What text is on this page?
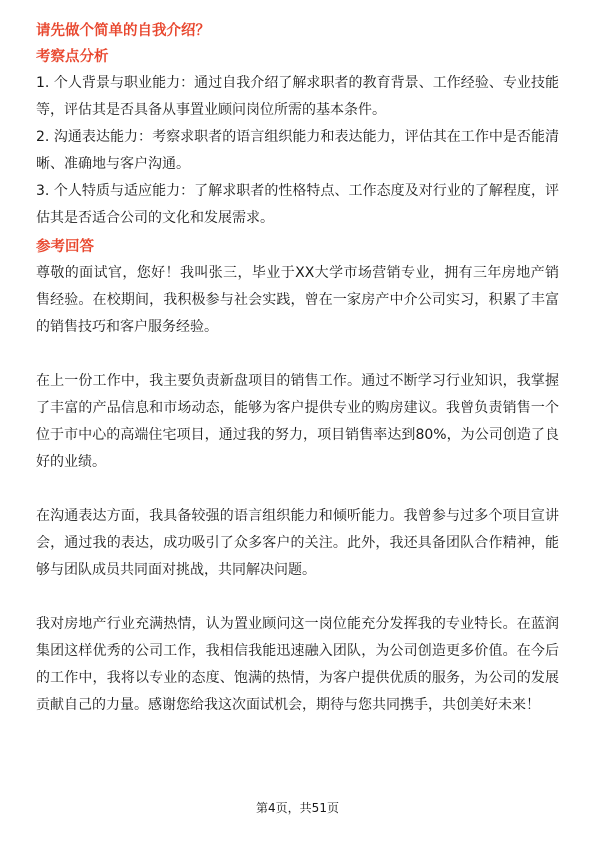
请先做个简单的自我介绍？
考察点分析

1. 个人背景与职业能力：通过自我介绍了解求职者的教育背景、工作经验、专业技能等，评估其是否具备从事置业顾问岗位所需的基本条件。

2. 沟通表达能力：考察求职者的语言组织能力和表达能力，评估其在工作中是否能清晰、准确地与客户沟通。

3. 个人特质与适应能力：了解求职者的性格特点、工作态度及对行业的了解程度，评估其是否适合公司的文化和发展需求。

参考回答

尊敬的面试官，您好！我叫张三，毕业于XX大学市场营销专业，拥有三年房地产销售经验。在校期间，我积极参与社会实践，曾在一家房产中介公司实习，积累了丰富的销售技巧和客户服务经验。

在上一份工作中，我主要负责新盘项目的销售工作。通过不断学习行业知识，我掌握了丰富的产品信息和市场动态，能够为客户提供专业的购房建议。我曾负责销售一个位于市中心的高端住宅项目，通过我的努力，项目销售率达到80%，为公司创造了良好的业绩。

在沟通表达方面，我具备较强的语言组织能力和倾听能力。我曾参与过多个项目宣讲会，通过我的表达，成功吸引了众多客户的关注。此外，我还具备团队合作精神，能够与团队成员共同面对挑战，共同解决问题。

我对房地产行业充满热情，认为置业顾问这一岗位能充分发挥我的专业特长。在蓝润集团这样优秀的公司工作，我相信我能迅速融入团队，为公司创造更多价值。在今后的工作中，我将以专业的态度、饱满的热情，为客户提供优质的服务，为公司的发展贡献自己的力量。感谢您给我这次面试机会，期待与您共同携手，共创美好未来！

第4页，共51页
